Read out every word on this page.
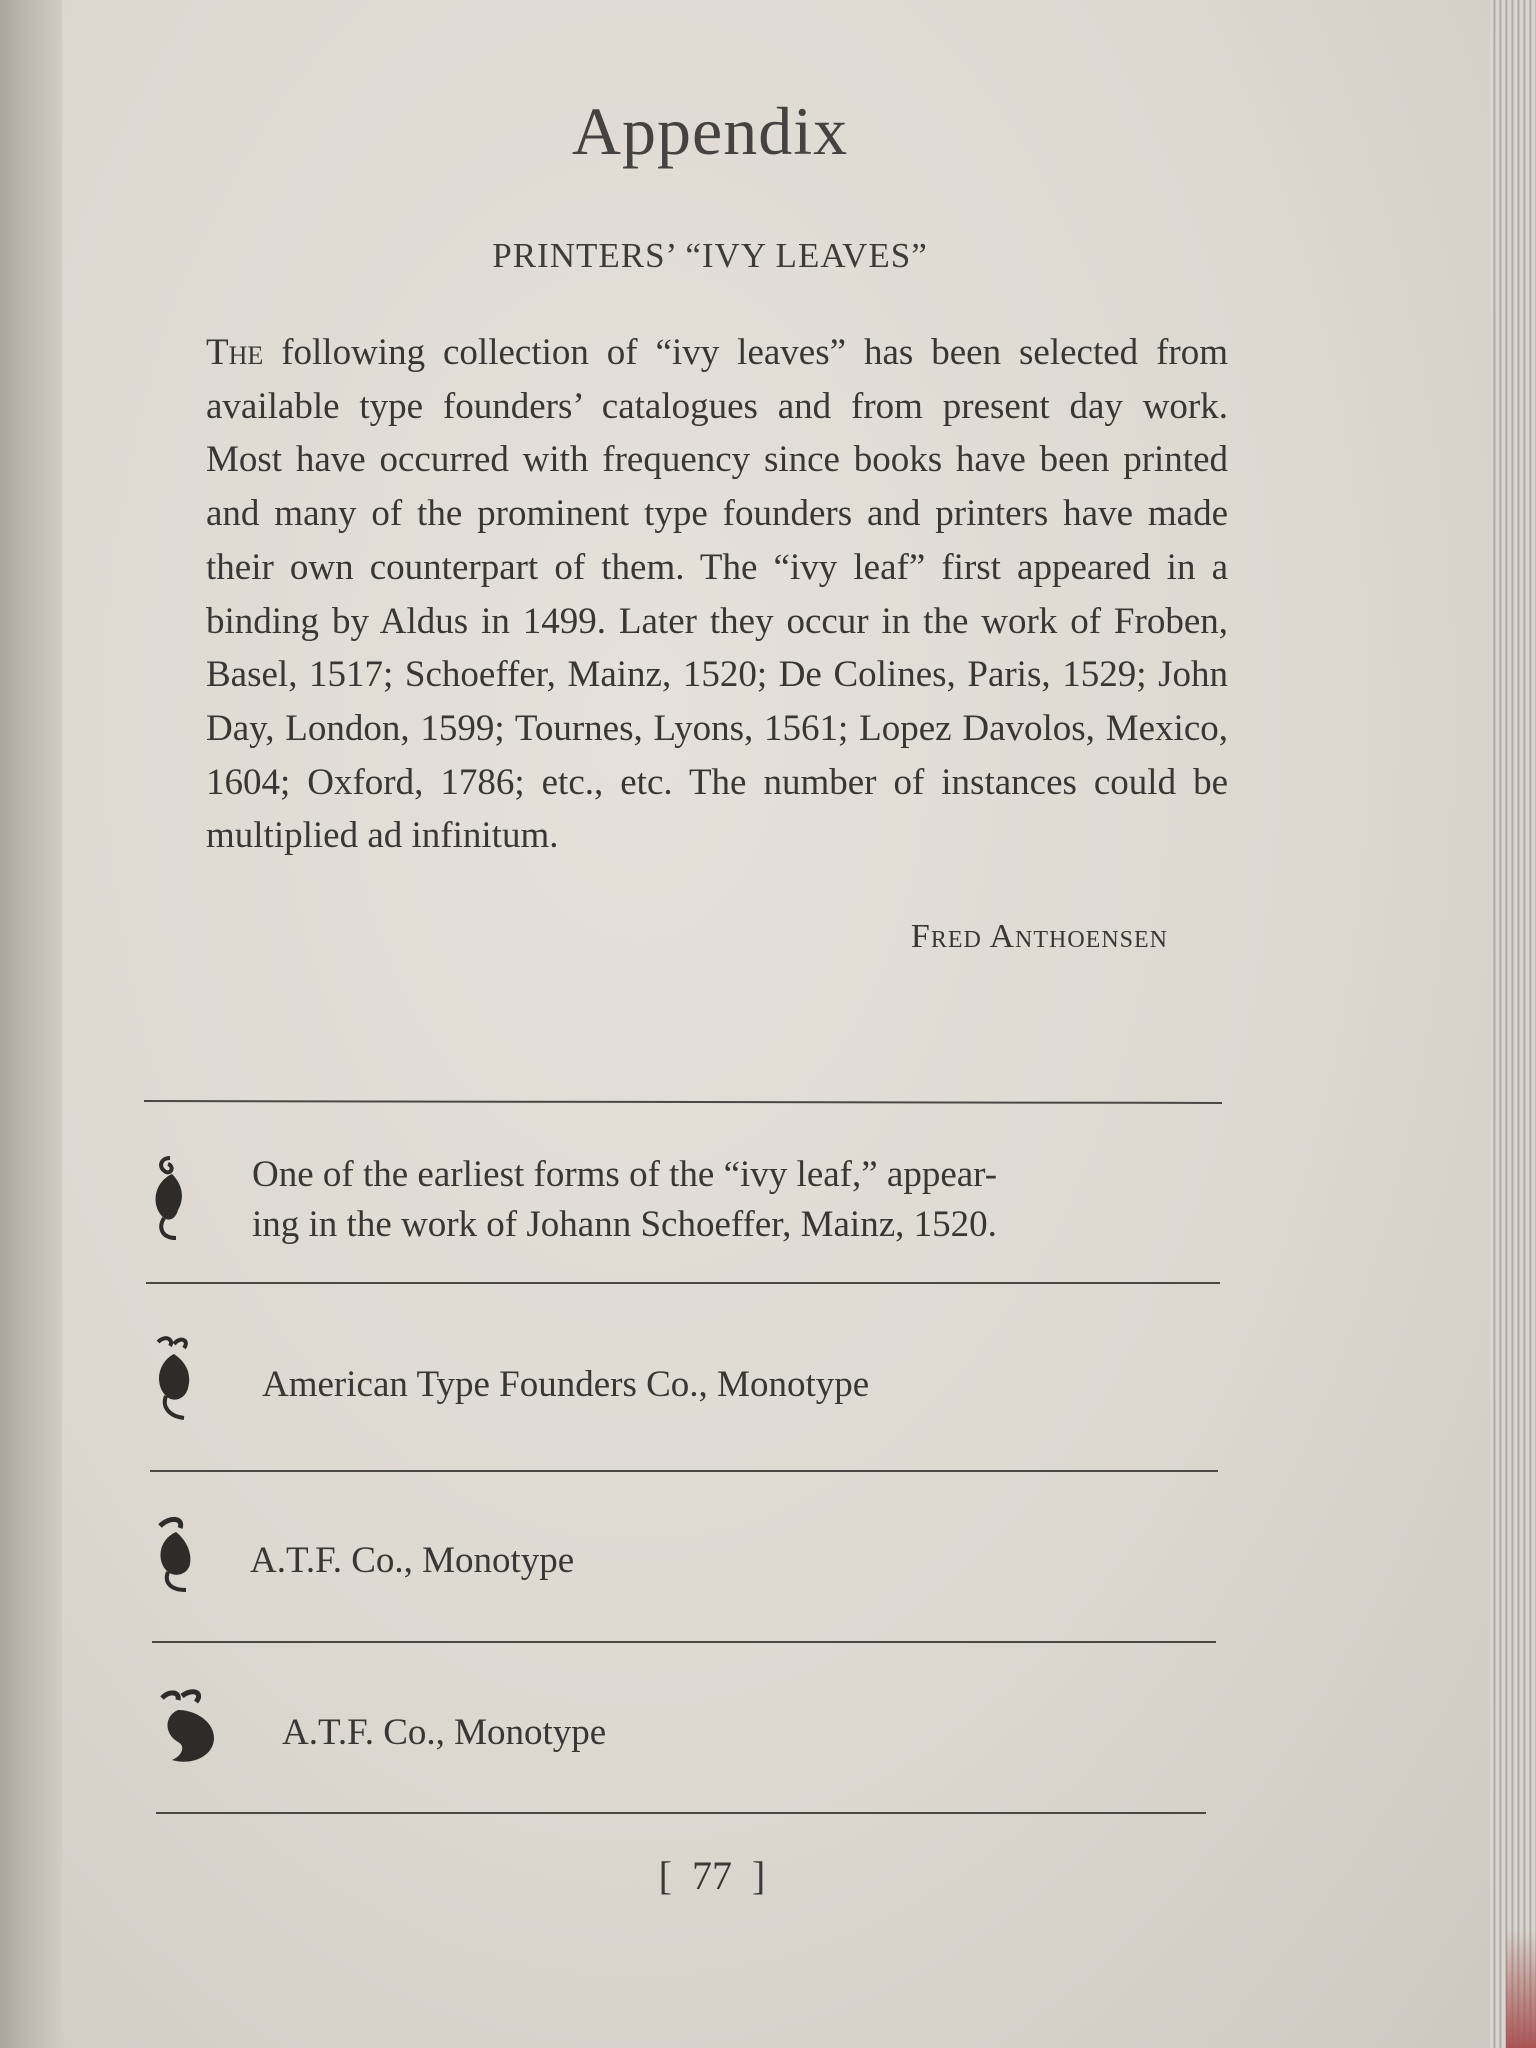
Appendix
PRINTERS’ “IVY LEAVES”
The following collection of “ivy leaves” has been selected from available type founders’ catalogues and from present day work. Most have occurred with frequency since books have been printed and many of the prominent type founders and printers have made their own counterpart of them. The “ivy leaf” first appeared in a binding by Aldus in 1499. Later they occur in the work of Froben, Basel, 1517; Schoeffer, Mainz, 1520; De Colines, Paris, 1529; John Day, London, 1599; Tournes, Lyons, 1561; Lopez Davolos, Mexico, 1604; Oxford, 1786; etc., etc. The number of instances could be multiplied ad infinitum.
Fred Anthoensen
One of the earliest forms of the “ivy leaf,” appear-
ing in the work of Johann Schoeffer, Mainz, 1520.
American Type Founders Co., Monotype
A.T.F. Co., Monotype
A.T.F. Co., Monotype
[  77  ]
